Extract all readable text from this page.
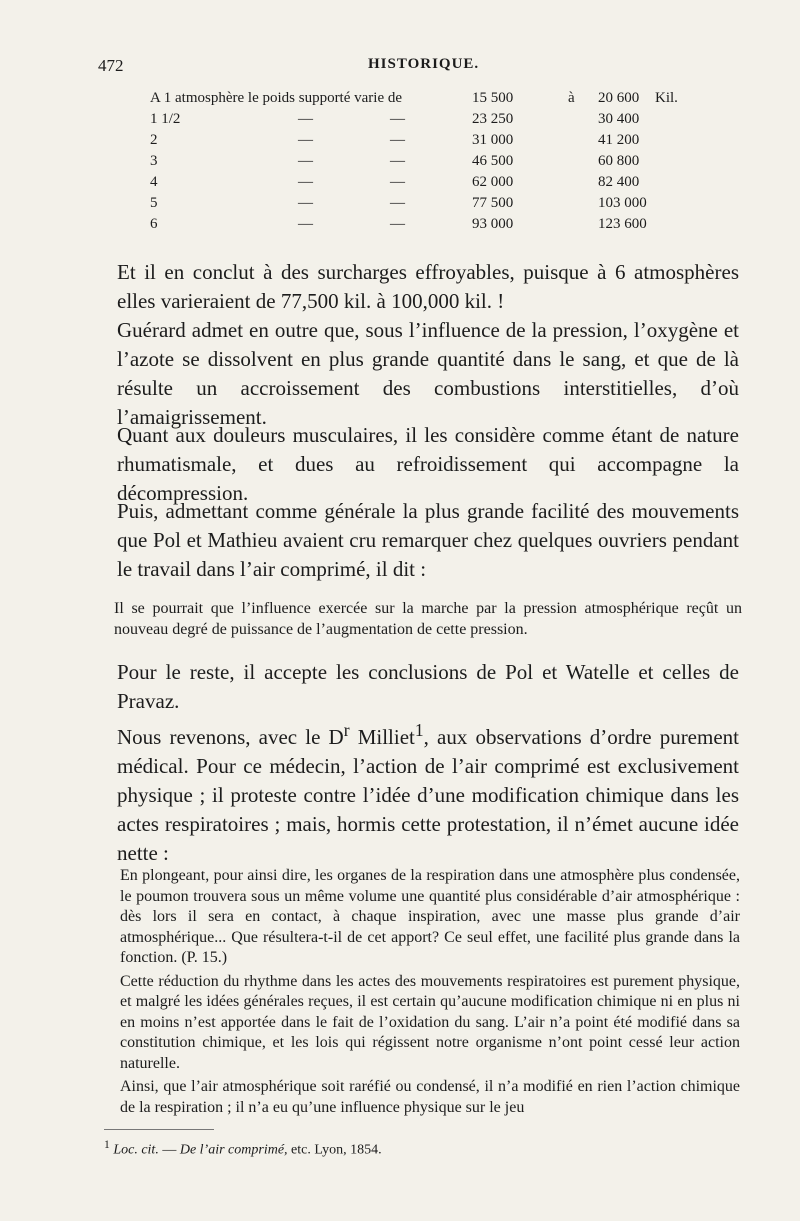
472	HISTORIQUE.
A 1 atmosphère le poids supporté varie de	15 500	à 20 600 Kil.
1 1/2	—	—	23 250	30 400
2	—	—	31 000	41 200
3	—	—	46 500	60 800
4	—	—	62 000	82 400
5	—	—	77 500	103 000
6	—	—	93 000	123 600

Et il en conclut à des surcharges effroyables, puisque à 6 atmosphères elles varieraient de 77,500 kil. à 100,000 kil. !

Guérard admet en outre que, sous l’influence de la pression, l’oxygène et l’azote se dissolvent en plus grande quantité dans le sang, et que de là résulte un accroissement des combustions interstitielles, d’où l’amaigrissement.

Quant aux douleurs musculaires, il les considère comme étant de nature rhumatismale, et dues au refroidissement qui accompagne la décompression.

Puis, admettant comme générale la plus grande facilité des mouvements que Pol et Mathieu avaient cru remarquer chez quelques ouvriers pendant le travail dans l’air comprimé, il dit :

Il se pourrait que l’influence exercée sur la marche par la pression atmosphérique reçût un nouveau degré de puissance de l’augmentation de cette pression.

Pour le reste, il accepte les conclusions de Pol et Watelle et celles de Pravaz.

Nous revenons, avec le $D^r$ Milliet$^1$, aux observations d’ordre purement médical. Pour ce médecin, l’action de l’air comprimé est exclusivement physique ; il proteste contre l’idée d’une modification chimique dans les actes respiratoires ; mais, hormis cette protestation, il n’émet aucune idée nette :

En plongeant, pour ainsi dire, les organes de la respiration dans une atmosphère plus condensée, le poumon trouvera sous un même volume une quantité plus considérable d’air atmosphérique : dès lors il sera en contact, à chaque inspiration, avec une masse plus grande d’air atmosphérique... Que résultera-t-il de cet apport? Ce seul effet, une facilité plus grande dans la fonction. (P. 15.)

Cette réduction du rhythme dans les actes des mouvements respiratoires est purement physique, et malgré les idées générales reçues, il est certain qu’aucune modification chimique ni en plus ni en moins n’est apportée dans le fait de l’oxidation du sang. L’air n’a point été modifié dans sa constitution chimique, et les lois qui régissent notre organisme n’ont point cessé leur action naturelle.

Ainsi, que l’air atmosphérique soit raréfié ou condensé, il n’a modifié en rien l’action chimique de la respiration ; il n’a eu qu’une influence physique sur le jeu

$^1$ Loc. cit. — De l’air comprimé, etc. Lyon, 1854.
